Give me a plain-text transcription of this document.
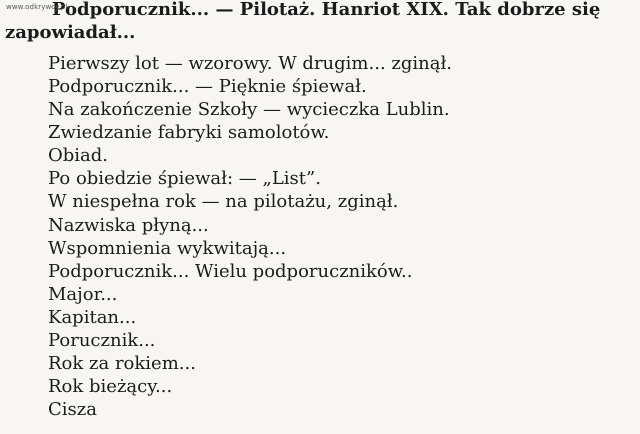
www.odkrywcy.pl
Podporucznik... — Pilotaż. Hanriot XIX. Tak dobrze się
zapowiadał...
Pierwszy lot — wzorowy. W drugim... zginął.
Podporucznik... — Pięknie śpiewał.
Na zakończenie Szkoły — wycieczka Lublin.
Zwiedzanie fabryki samolotów.
Obiad.
Po obiedzie śpiewał: — „List”.
W niespełna rok — na pilotażu, zginął.
Nazwiska płyną...
Wspomnienia wykwitają...
Podporucznik... Wielu podporuczników..
Major...
Kapitan...
Porucznik...
Rok za rokiem...
Rok bieżący...
Cisza
